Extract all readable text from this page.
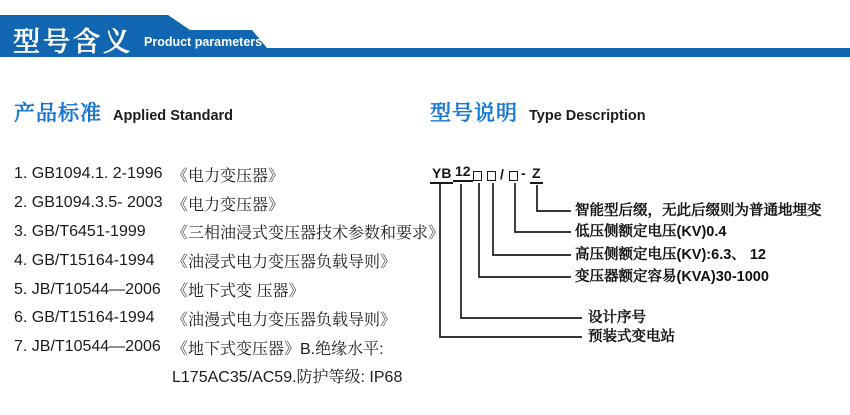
型号含义 Product parameters
产品标准 Applied Standard	型号说明 Type Description
1. GB1094.1. 2-1996 《电力变压器》
2. GB1094.3.5- 2003 《电力变压器》
3. GB/T6451-1999	《三相油浸式变压器技术参数和要求》
4. GB/T15164-1994	《油浸式电力变压器负载导则》
5. JB/T10544—2006 《地下式变 压器》
6. GB/T15164-1994	《油漫式电力变压器负载导则》
7. JB/T10544—2006 《地下式变压器》B.绝缘水平:
L175AC35/AC59.防护等级: IP68
YB 12 / - Z
智能型后缀，无此后缀则为普通地埋变
低压侧额定电压(KV)0.4
高压侧额定电压(KV):6.3、 12
变压器额定容易(KVA)30-1000
设计序号
预装式变电站
